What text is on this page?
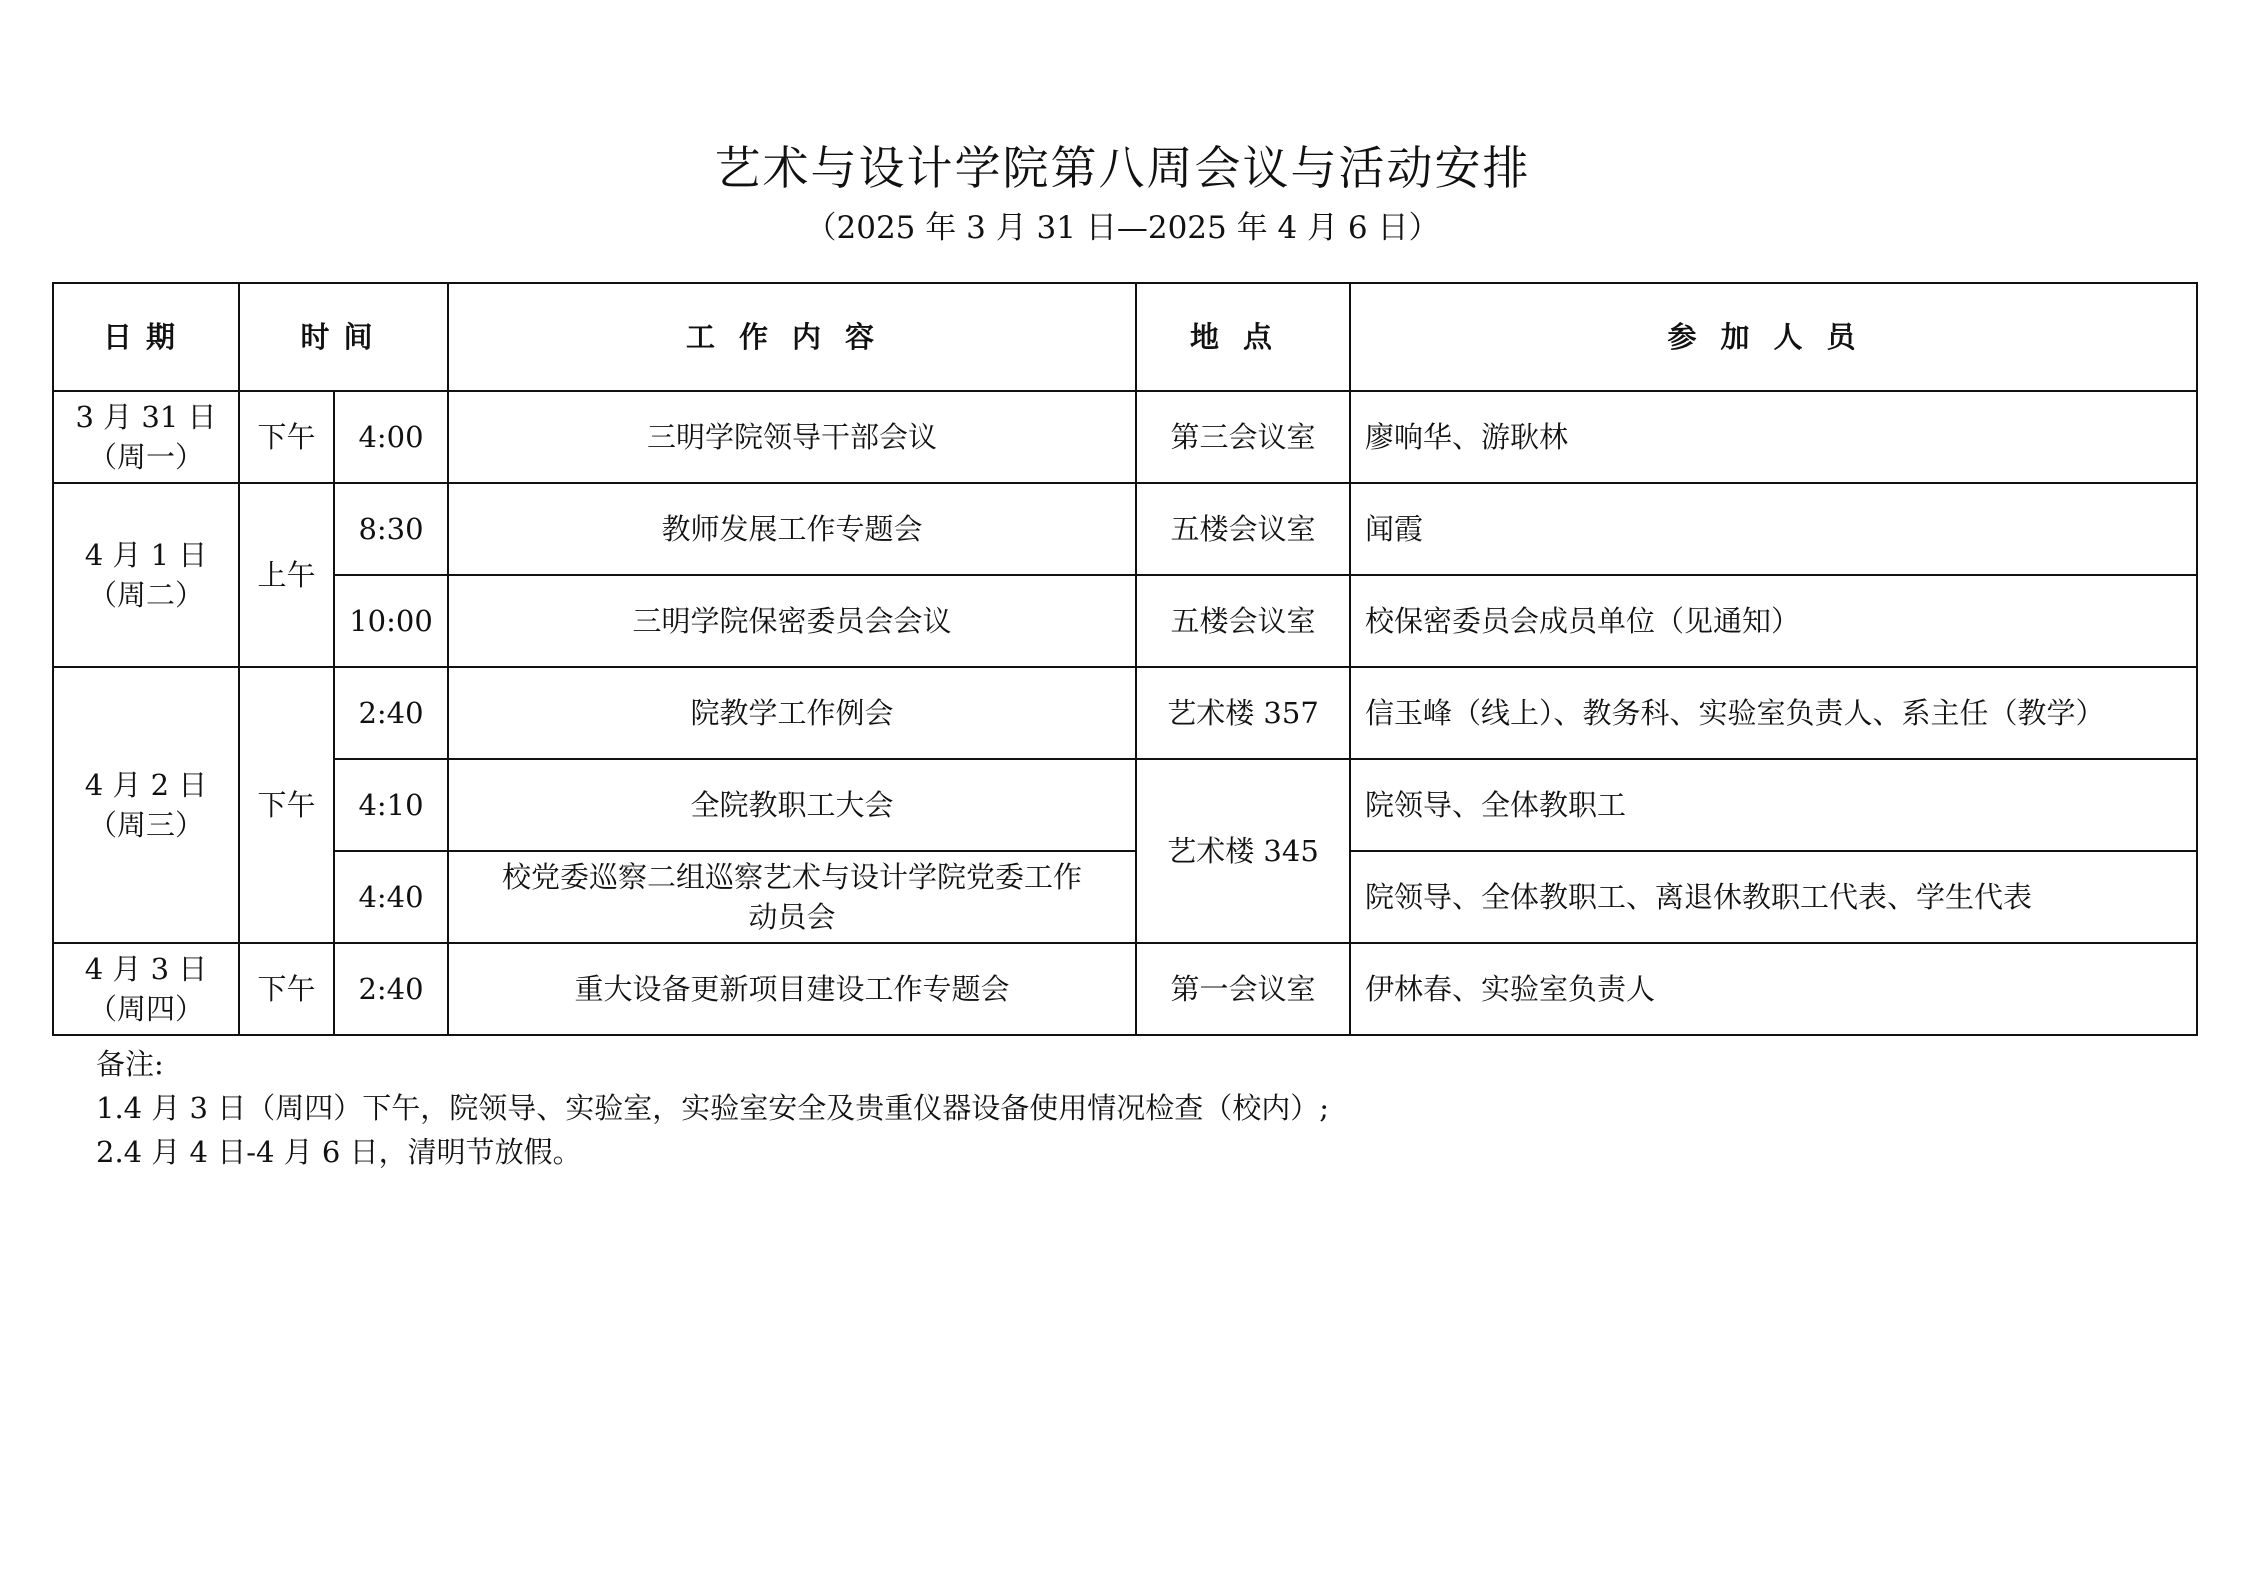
艺术与设计学院第八周会议与活动安排
（2025 年 3 月 31 日—2025 年 4 月 6 日）
日期	时间		工作内容	地点	参加人员

3 月 31 日
（周一）	下午	4:00	三明学院领导干部会议	第三会议室	廖响华、游耿林

4 月 1 日
（周二）	上午	8:30	教师发展工作专题会	五楼会议室	闻霞
		10:00	三明学院保密委员会会议	五楼会议室	校保密委员会成员单位（见通知）

4 月 2 日
（周三）	下午	2:40	院教学工作例会	艺术楼 357	信玉峰（线上）、教务科、实验室负责人、系主任（教学）
		4:10	全院教职工大会	艺术楼 345	院领导、全体教职工
		4:40	校党委巡察二组巡察艺术与设计学院党委工作动员会		院领导、全体教职工、离退休教职工代表、学生代表

4 月 3 日
（周四）	下午	2:40	重大设备更新项目建设工作专题会	第一会议室	伊林春、实验室负责人
备注:
1.4 月 3 日（周四）下午，院领导、实验室，实验室安全及贵重仪器设备使用情况检查（校内）;
2.4 月 4 日-4 月 6 日，清明节放假。
